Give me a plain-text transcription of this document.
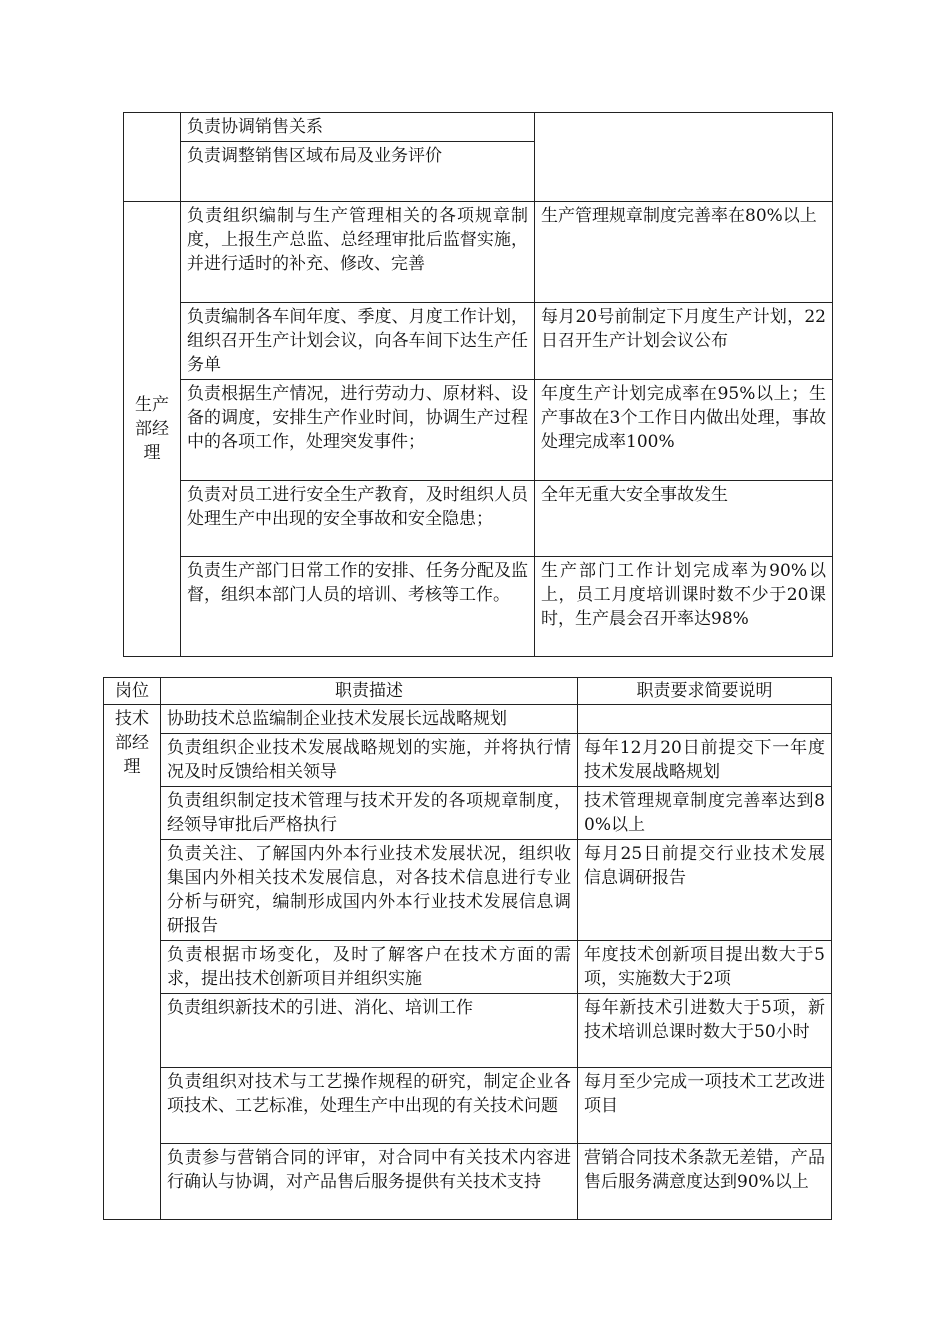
	负责协调销售关系	
	负责调整销售区域布局及业务评价	
生产部经理	负责组织编制与生产管理相关的各项规章制度，上报生产总监、总经理审批后监督实施，并进行适时的补充、修改、完善	生产管理规章制度完善率在80%以上
	负责编制各车间年度、季度、月度工作计划，组织召开生产计划会议，向各车间下达生产任务单	每月20号前制定下月度生产计划，22日召开生产计划会议公布
	负责根据生产情况，进行劳动力、原材料、设备的调度，安排生产作业时间，协调生产过程中的各项工作，处理突发事件；	年度生产计划完成率在95%以上；生产事故在3个工作日内做出处理，事故处理完成率100%
	负责对员工进行安全生产教育，及时组织人员处理生产中出现的安全事故和安全隐患；	全年无重大安全事故发生
	负责生产部门日常工作的安排、任务分配及监督，组织本部门人员的培训、考核等工作。	生产部门工作计划完成率为90%以上，员工月度培训课时数不少于20课时，生产晨会召开率达98%
岗位	职责描述	职责要求简要说明
技术部经理	协助技术总监编制企业技术发展长远战略规划	
	负责组织企业技术发展战略规划的实施，并将执行情况及时反馈给相关领导	每年12月20日前提交下一年度技术发展战略规划
	负责组织制定技术管理与技术开发的各项规章制度，经领导审批后严格执行	技术管理规章制度完善率达到80%以上
	负责关注、了解国内外本行业技术发展状况，组织收集国内外相关技术发展信息，对各技术信息进行专业分析与研究，编制形成国内外本行业技术发展信息调研报告	每月25日前提交行业技术发展信息调研报告
	负责根据市场变化，及时了解客户在技术方面的需求，提出技术创新项目并组织实施	年度技术创新项目提出数大于5项，实施数大于2项
	负责组织新技术的引进、消化、培训工作	每年新技术引进数大于5项，新技术培训总课时数大于50小时
	负责组织对技术与工艺操作规程的研究，制定企业各项技术、工艺标准，处理生产中出现的有关技术问题	每月至少完成一项技术工艺改进项目
	负责参与营销合同的评审，对合同中有关技术内容进行确认与协调，对产品售后服务提供有关技术支持	营销合同技术条款无差错，产品售后服务满意度达到90%以上
